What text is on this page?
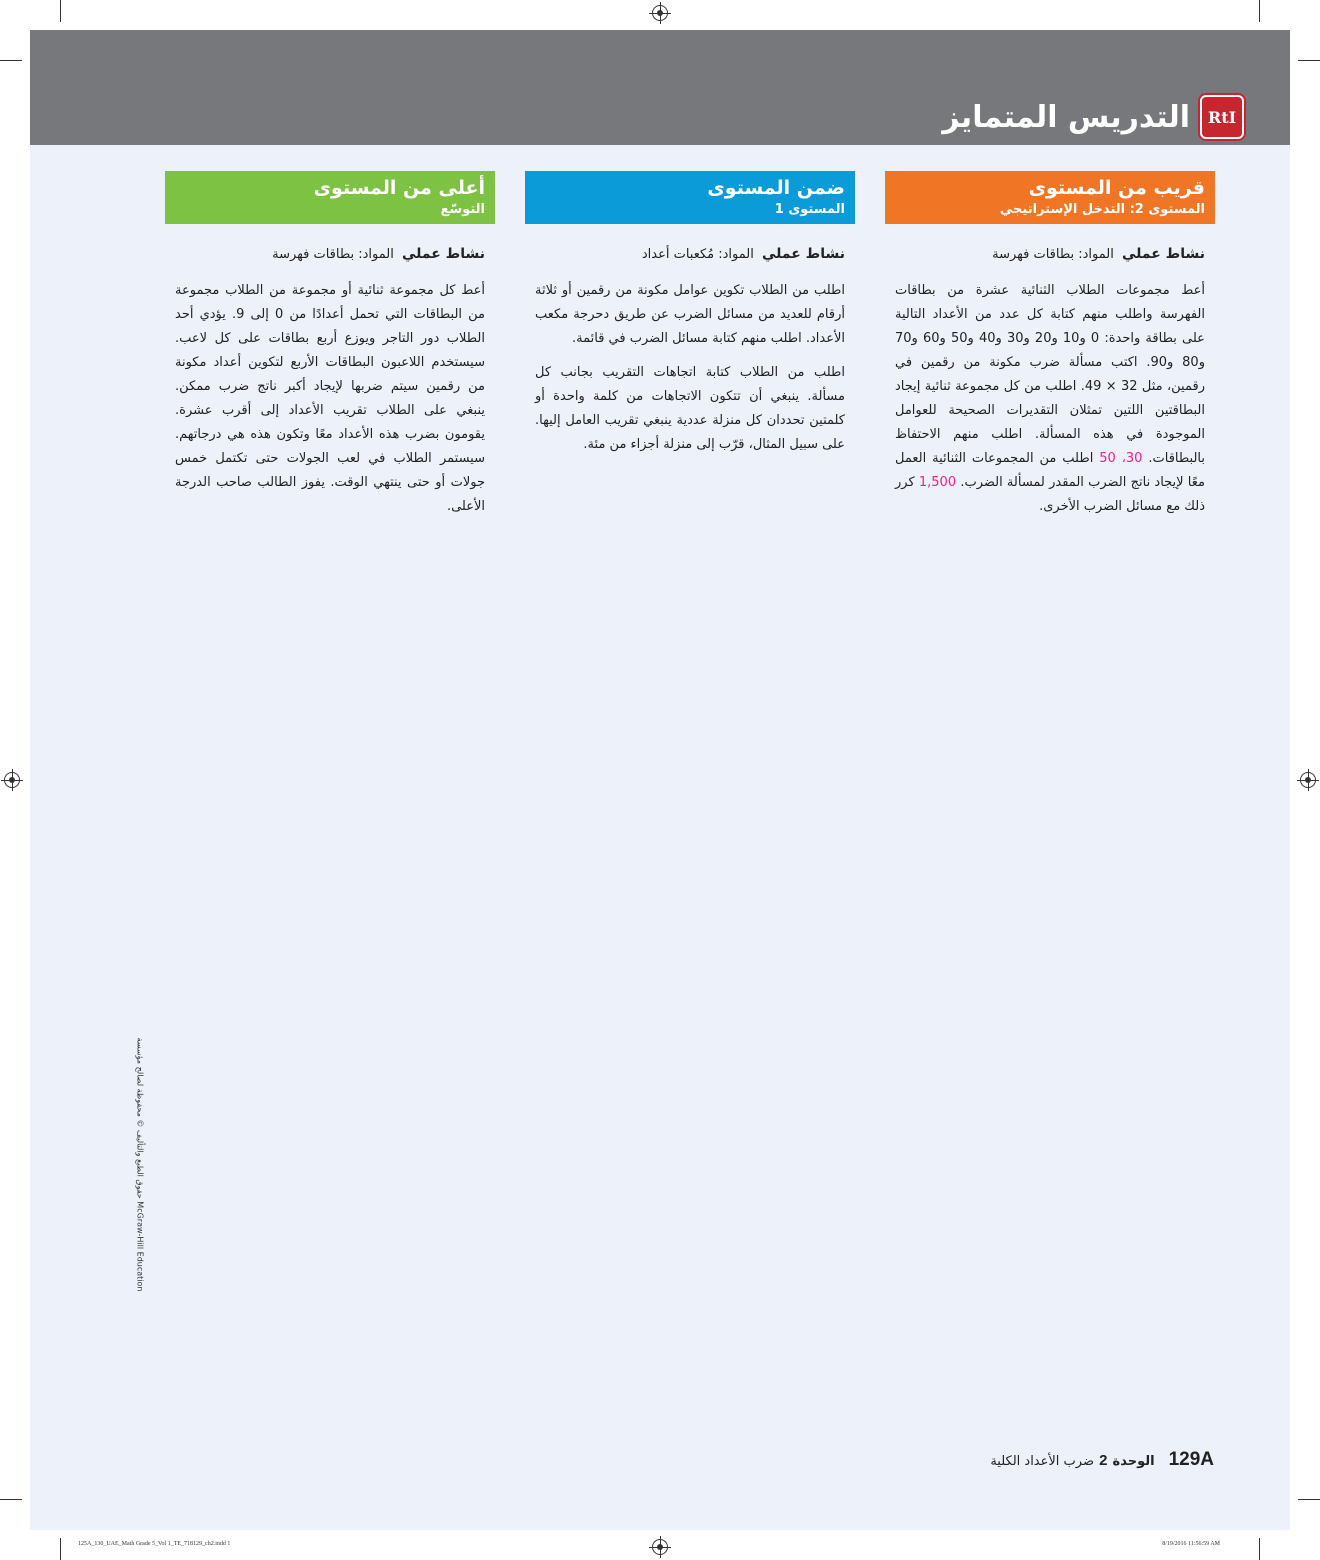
RtI
التدريس المتمايز
قريب من المستوى
المستوى 2: التدخل الإستراتيجي
نشاط عملي المواد: بطاقات فهرسة

أعط مجموعات الطلاب الثنائية عشرة من بطاقات الفهرسة واطلب منهم كتابة كل عدد من الأعداد التالية على بطاقة واحدة: 0 و10 و20 و30 و40 و50 و60 و70 و80 و90. اكتب مسألة ضرب مكونة من رقمين في رقمين، مثل 32 × 49. اطلب من كل مجموعة ثنائية إيجاد البطاقتين اللتين تمثلان التقديرات الصحيحة للعوامل الموجودة في هذه المسألة. اطلب منهم الاحتفاظ بالبطاقات. 30، 50 اطلب من المجموعات الثنائية العمل معًا لإيجاد ناتج الضرب المقدر لمسألة الضرب. 1,500 كرر ذلك مع مسائل الضرب الأخرى.

ضمن المستوى
المستوى 1
نشاط عملي المواد: مُكعبات أعداد

اطلب من الطلاب تكوين عوامل مكونة من رقمين أو ثلاثة أرقام للعديد من مسائل الضرب عن طريق دحرجة مكعب الأعداد. اطلب منهم كتابة مسائل الضرب في قائمة.

اطلب من الطلاب كتابة اتجاهات التقريب بجانب كل مسألة. ينبغي أن تتكون الاتجاهات من كلمة واحدة أو كلمتين تحددان كل منزلة عددية ينبغي تقريب العامل إليها. على سبيل المثال، قرّب إلى منزلة أجزاء من مئة.

أعلى من المستوى
التوسّع
نشاط عملي المواد: بطاقات فهرسة

أعط كل مجموعة ثنائية أو مجموعة من الطلاب مجموعة من البطاقات التي تحمل أعدادًا من 0 إلى 9. يؤدي أحد الطلاب دور التاجر ويوزع أربع بطاقات على كل لاعب. سيستخدم اللاعبون البطاقات الأربع لتكوين أعداد مكونة من رقمين سيتم ضربها لإيجاد أكبر ناتج ضرب ممكن. ينبغي على الطلاب تقريب الأعداد إلى أقرب عشرة. يقومون بضرب هذه الأعداد معًا وتكون هذه هي درجاتهم. سيستمر الطلاب في لعب الجولات حتى تكتمل خمس جولات أو حتى ينتهي الوقت. يفوز الطالب صاحب الدرجة الأعلى.

129A
الوحدة 2 ضرب الأعداد الكلية
حقوق الطبع والتأليف © محفوظة لصالح مؤسسة McGraw-Hill Education
125A_130_UAE_Math Grade 5_Vol 1_TE_718129_ch2.indd 1	8/19/2016 11:56:59 AM
